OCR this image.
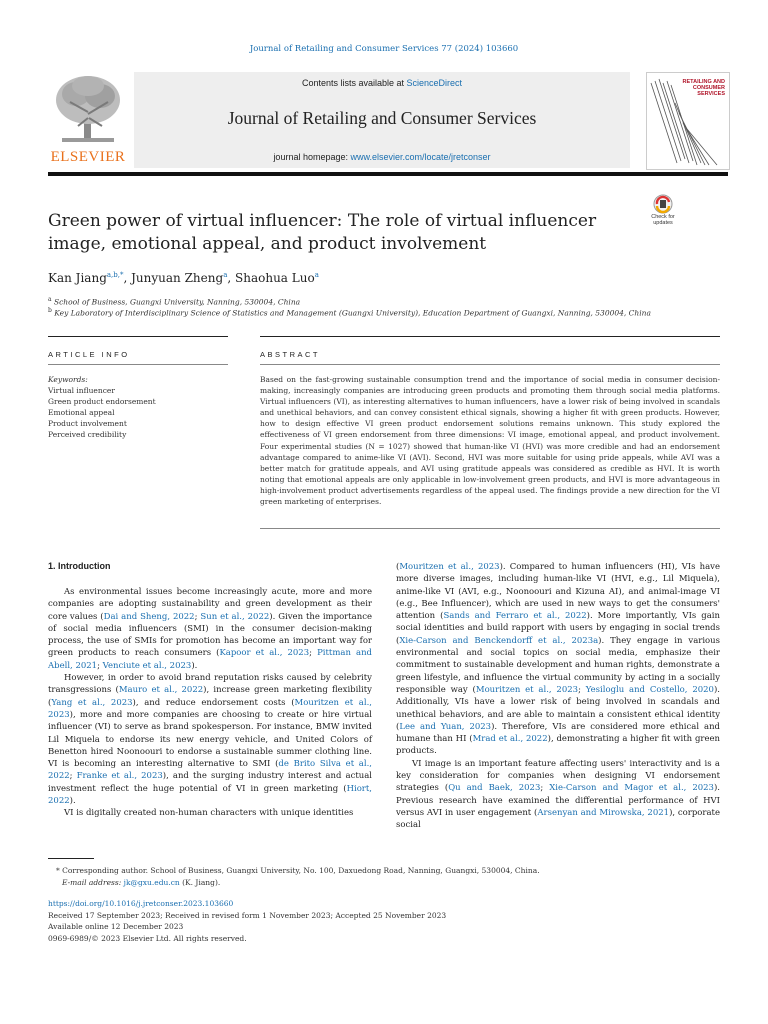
Journal of Retailing and Consumer Services 77 (2024) 103660
ELSEVIER
Contents lists available at ScienceDirect
Journal of Retailing and Consumer Services
journal homepage: www.elsevier.com/locate/jretconser
RETAILING AND CONSUMER SERVICES
Green power of virtual influencer: The role of virtual influencer image, emotional appeal, and product involvement
Check for updates
Kan Jiang$^{a,b,*}$, Junyuan Zheng$^a$, Shaohua Luo$^a$
$^a$ School of Business, Guangxi University, Nanning, 530004, China
$^b$ Key Laboratory of Interdisciplinary Science of Statistics and Management (Guangxi University), Education Department of Guangxi, Nanning, 530004, China
ARTICLE INFO	ABSTRACT
Keywords:
Virtual influencer
Green product endorsement
Emotional appeal
Product involvement
Perceived credibility
Based on the fast-growing sustainable consumption trend and the importance of social media in consumer decision-making, increasingly companies are introducing green products and promoting them through social media platforms. Virtual influencers (VI), as interesting alternatives to human influencers, have a lower risk of being involved in scandals and unethical behaviors, and can convey consistent ethical signals, showing a higher fit with green products. However, how to design effective VI green product endorsement solutions remains unknown. This study explored the effectiveness of VI green endorsement from three dimensions: VI image, emotional appeal, and product involvement. Four experimental studies (N = 1027) showed that human-like VI (HVI) was more credible and had an endorsement advantage compared to anime-like VI (AVI). Second, HVI was more suitable for using pride appeals, while AVI was a better match for gratitude appeals, and AVI using gratitude appeals was considered as credible as HVI. It is worth noting that emotional appeals are only applicable in low-involvement green products, and HVI is more advantageous in high-involvement product advertisements regardless of the appeal used. The findings provide a new direction for the VI green marketing of enterprises.
1. Introduction

As environmental issues become increasingly acute, more and more companies are adopting sustainability and green development as their core values (Dai and Sheng, 2022; Sun et al., 2022). Given the importance of social media influencers (SMI) in the consumer decision-making process, the use of SMIs for promotion has become an important way for green products to reach consumers (Kapoor et al., 2023; Pittman and Abell, 2021; Venciute et al., 2023).

However, in order to avoid brand reputation risks caused by celebrity transgressions (Mauro et al., 2022), increase green marketing flexibility (Yang et al., 2023), and reduce endorsement costs (Mouritzen et al., 2023), more and more companies are choosing to create or hire virtual influencer (VI) to serve as brand spokesperson. For instance, BMW invited Lil Miquela to endorse its new energy vehicle, and United Colors of Benetton hired Noonoouri to endorse a sustainable summer clothing line. VI is becoming an interesting alternative to SMI (de Brito Silva et al., 2022; Franke et al., 2023), and the surging industry interest and actual investment reflect the huge potential of VI in green marketing (Hiort, 2022).

VI is digitally created non-human characters with unique identities

(Mouritzen et al., 2023). Compared to human influencers (HI), VIs have more diverse images, including human-like VI (HVI, e.g., Lil Miquela), anime-like VI (AVI, e.g., Noonoouri and Kizuna AI), and animal-image VI (e.g., Bee Influencer), which are used in new ways to get the consumers' attention (Sands and Ferraro et al., 2022). More importantly, VIs gain social identities and build rapport with users by engaging in social trends (Xie-Carson and Benckendorff et al., 2023a). They engage in various environmental and social topics on social media, emphasize their commitment to sustainable development and human rights, demonstrate a green lifestyle, and influence the virtual community by acting in a socially responsible way (Mouritzen et al., 2023; Yesiloglu and Costello, 2020). Additionally, VIs have a lower risk of being involved in scandals and unethical behaviors, and are able to maintain a consistent ethical identity (Lee and Yuan, 2023). Therefore, VIs are considered more ethical and humane than HI (Mrad et al., 2022), demonstrating a higher fit with green products.

VI image is an important feature affecting users' interactivity and is a key consideration for companies when designing VI endorsement strategies (Qu and Baek, 2023; Xie-Carson and Magor et al., 2023). Previous research have examined the differential performance of HVI versus AVI in user engagement (Arsenyan and Mirowska, 2021), corporate social

* Corresponding author. School of Business, Guangxi University, No. 100, Daxuedong Road, Nanning, Guangxi, 530004, China.
E-mail address: jk@gxu.edu.cn (K. Jiang).
https://doi.org/10.1016/j.jretconser.2023.103660
Received 17 September 2023; Received in revised form 1 November 2023; Accepted 25 November 2023
Available online 12 December 2023
0969-6989/© 2023 Elsevier Ltd. All rights reserved.
